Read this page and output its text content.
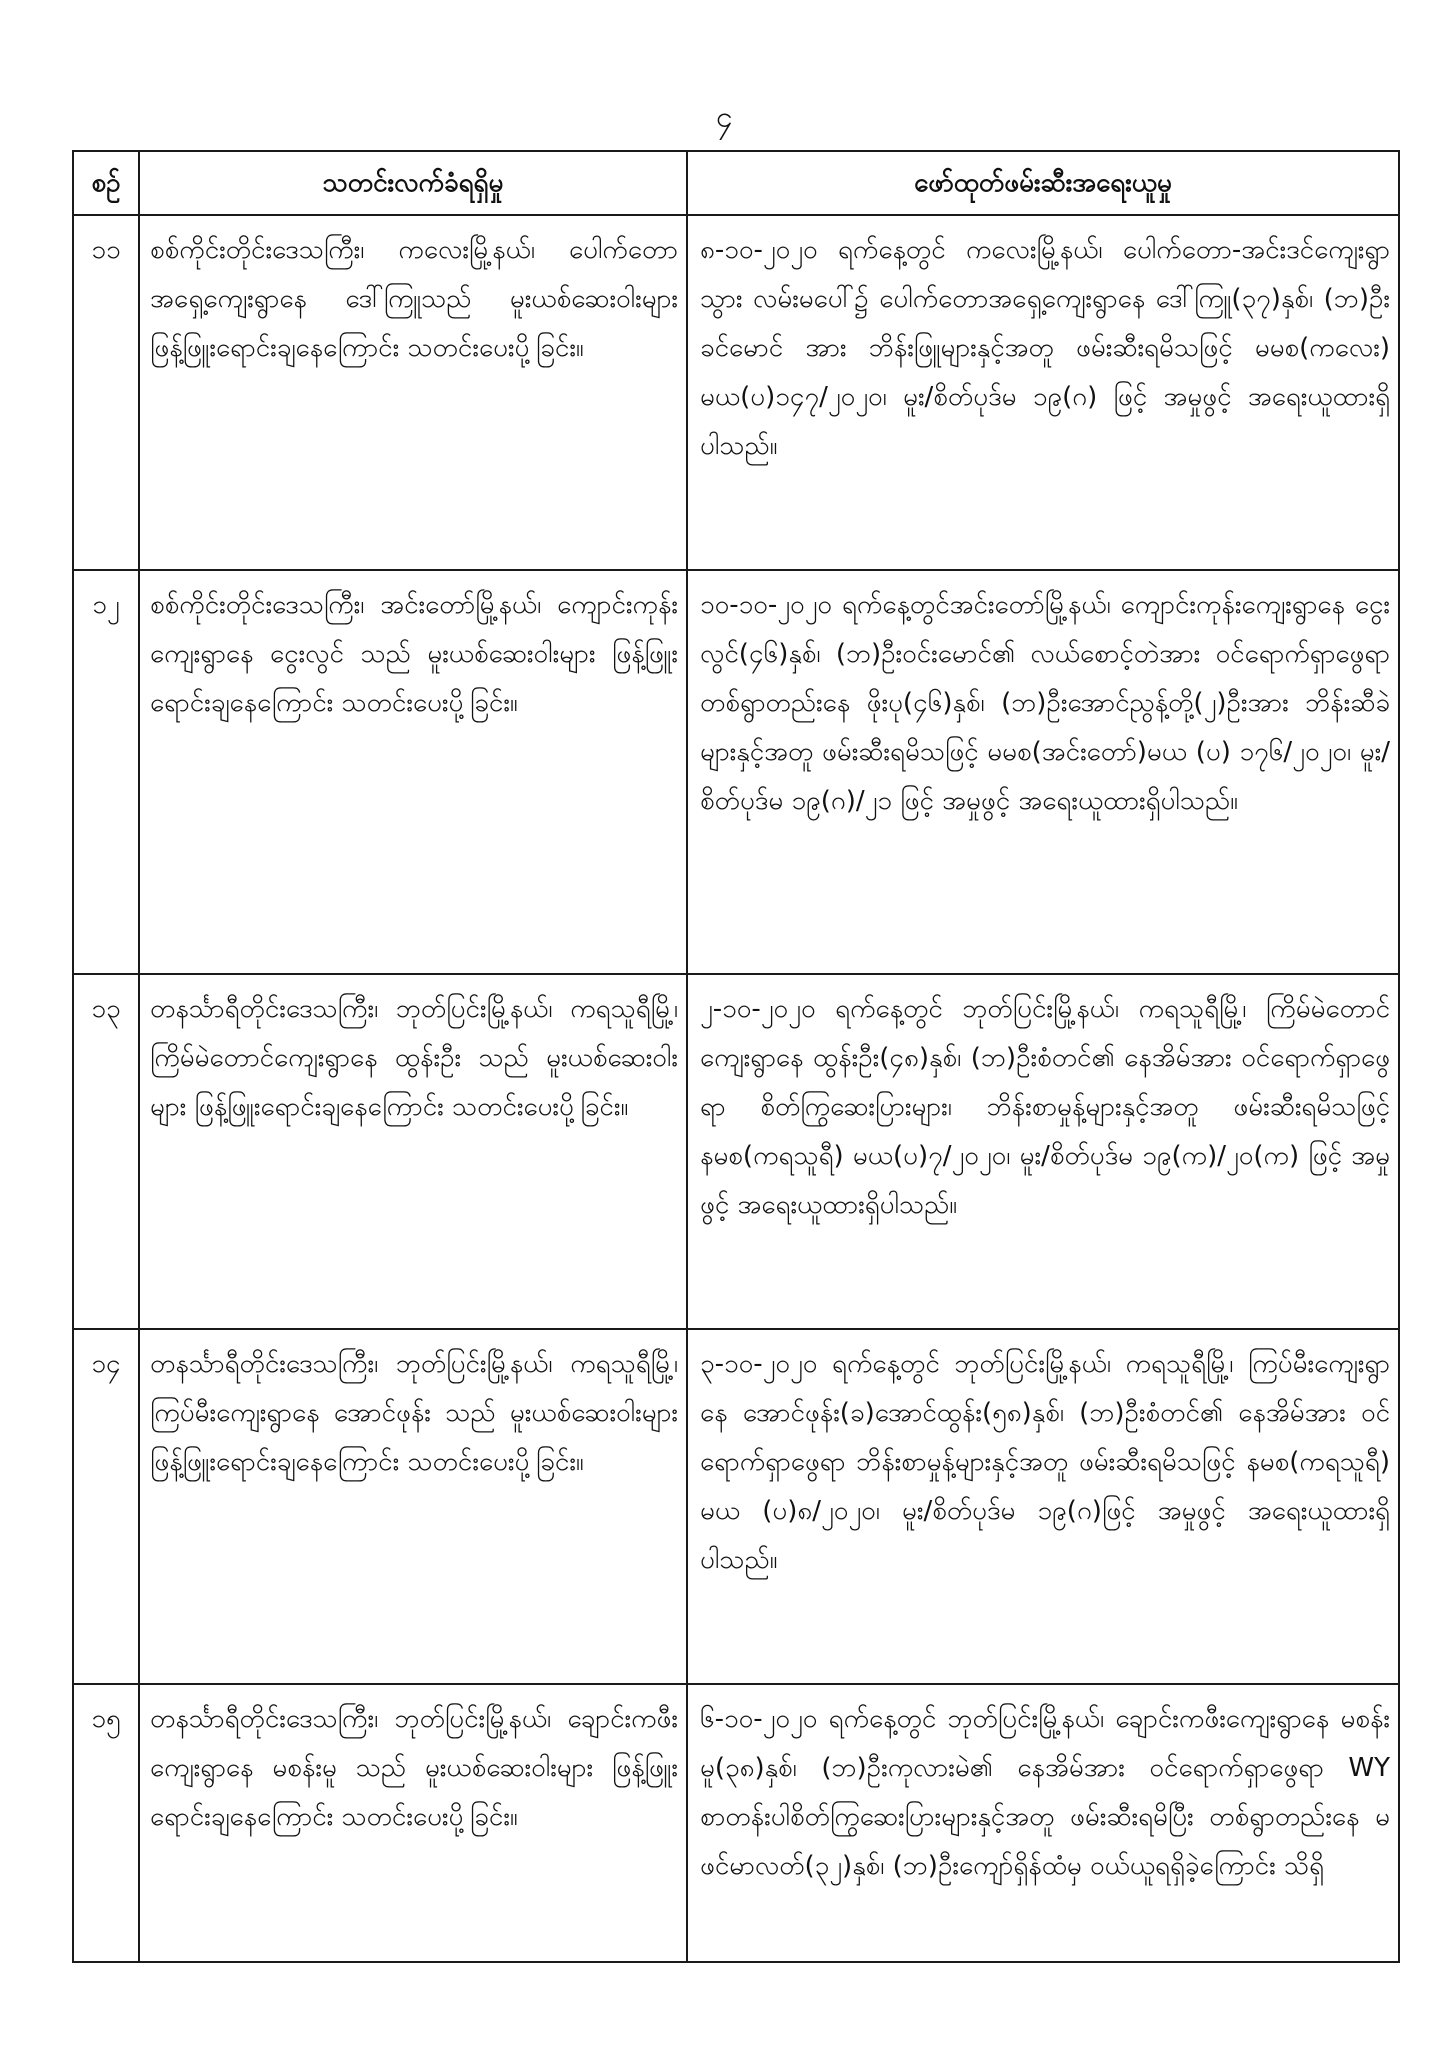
၄
စဉ်	သတင်းလက်ခံရရှိမှု	ဖော်ထုတ်ဖမ်းဆီးအရေးယူမှု
၁၁	စစ်ကိုင်းတိုင်းဒေသကြီး၊ ကလေးမြို့နယ်၊ ပေါက်တောအရှေ့ကျေးရွာနေ ဒေါ်ကြူသည် မူးယစ်ဆေးဝါးများ ဖြန့်ဖြူးရောင်းချနေကြောင်း သတင်းပေးပို့ခြင်း။	၈-၁၀-၂၀၂၀ ရက်နေ့တွင် ကလေးမြို့နယ်၊ ပေါက်တော-အင်းဒင်ကျေးရွာသွား လမ်းမပေါ်၌ ပေါက်တောအရှေ့ကျေးရွာနေ ဒေါ်ကြူ(၃၇)နှစ်၊ (ဘ)ဦးခင်မောင် အား ဘိန်းဖြူများနှင့်အတူ ဖမ်းဆီးရမိသဖြင့် မမစ(ကလေး) မယ(ပ)၁၄၇/၂၀၂၀၊ မူး/စိတ်ပုဒ်မ ၁၉(ဂ) ဖြင့် အမှုဖွင့် အရေးယူထားရှိပါသည်။
၁၂	စစ်ကိုင်းတိုင်းဒေသကြီး၊ အင်းတော်မြို့နယ်၊ ကျောင်းကုန်းကျေးရွာနေ ငွေးလွင် သည် မူးယစ်ဆေးဝါးများ ဖြန့်ဖြူးရောင်းချနေကြောင်း သတင်းပေးပို့ခြင်း။	၁၀-၁၀-၂၀၂၀ ရက်နေ့တွင်အင်းတော်မြို့နယ်၊ ကျောင်းကုန်းကျေးရွာနေ ငွေးလွင်(၄၆)နှစ်၊ (ဘ)ဦးဝင်းမောင်၏ လယ်စောင့်တဲအား ဝင်ရောက်ရှာဖွေရာ တစ်ရွာတည်းနေ ဖိုးပု(၄၆)နှစ်၊ (ဘ)ဦးအောင်ညွန့်တို့(၂)ဦးအား ဘိန်းဆီခဲများနှင့်အတူ ဖမ်းဆီးရမိသဖြင့် မမစ(အင်းတော်)မယ (ပ) ၁၇၆/၂၀၂၀၊ မူး/စိတ်ပုဒ်မ ၁၉(ဂ)/၂၁ ဖြင့် အမှုဖွင့် အရေးယူထားရှိပါသည်။
၁၃	တနင်္သာရီတိုင်းဒေသကြီး၊ ဘုတ်ပြင်းမြို့နယ်၊ ကရသူရီမြို့၊ ကြိမ်မဲတောင်ကျေးရွာနေ ထွန်းဦး သည် မူးယစ်ဆေးဝါးများ ဖြန့်ဖြူးရောင်းချနေကြောင်း သတင်းပေးပို့ခြင်း။	၂-၁၀-၂၀၂၀ ရက်နေ့တွင် ဘုတ်ပြင်းမြို့နယ်၊ ကရသူရီမြို့၊ ကြိမ်မဲတောင်ကျေးရွာနေ ထွန်းဦး(၄၈)နှစ်၊ (ဘ)ဦးစံတင်၏ နေအိမ်အား ဝင်ရောက်ရှာဖွေရာ စိတ်ကြွဆေးပြားများ၊ ဘိန်းစာမှုန့်များနှင့်အတူ ဖမ်းဆီးရမိသဖြင့် နမစ(ကရသူရီ) မယ(ပ)၇/၂၀၂၀၊ မူး/စိတ်ပုဒ်မ ၁၉(က)/၂၀(က) ဖြင့် အမှုဖွင့် အရေးယူထားရှိပါသည်။
၁၄	တနင်္သာရီတိုင်းဒေသကြီး၊ ဘုတ်ပြင်းမြို့နယ်၊ ကရသူရီမြို့၊ ကြပ်မီးကျေးရွာနေ အောင်ဖုန်း သည် မူးယစ်ဆေးဝါးများ ဖြန့်ဖြူးရောင်းချနေကြောင်း သတင်းပေးပို့ခြင်း။	၃-၁၀-၂၀၂၀ ရက်နေ့တွင် ဘုတ်ပြင်းမြို့နယ်၊ ကရသူရီမြို့၊ ကြပ်မီးကျေးရွာနေ အောင်ဖုန်း(ခ)အောင်ထွန်း(၅၈)နှစ်၊ (ဘ)ဦးစံတင်၏ နေအိမ်အား ဝင်ရောက်ရှာဖွေရာ ဘိန်းစာမှုန့်များနှင့်အတူ ဖမ်းဆီးရမိသဖြင့် နမစ(ကရသူရီ) မယ (ပ)၈/၂၀၂၀၊ မူး/စိတ်ပုဒ်မ ၁၉(ဂ)ဖြင့် အမှုဖွင့် အရေးယူထားရှိပါသည်။
၁၅	တနင်္သာရီတိုင်းဒေသကြီး၊ ဘုတ်ပြင်းမြို့နယ်၊ ချောင်းကဖီးကျေးရွာနေ မစန်းမူ သည် မူးယစ်ဆေးဝါးများ ဖြန့်ဖြူးရောင်းချနေကြောင်း သတင်းပေးပို့ခြင်း။	၆-၁၀-၂၀၂၀ ရက်နေ့တွင် ဘုတ်ပြင်းမြို့နယ်၊ ချောင်းကဖီးကျေးရွာနေ မစန်းမူ(၃၈)နှစ်၊ (ဘ)ဦးကုလားမဲ၏ နေအိမ်အား ဝင်ရောက်ရှာဖွေရာ WY စာတန်းပါစိတ်ကြွဆေးပြားများနှင့်အတူ ဖမ်းဆီးရမိပြီး တစ်ရွာတည်းနေ မဖင်မာလတ်(၃၂)နှစ်၊ (ဘ)ဦးကျော်ရှိန်ထံမှ ဝယ်ယူရရှိခဲ့ကြောင်း သိရှိ
